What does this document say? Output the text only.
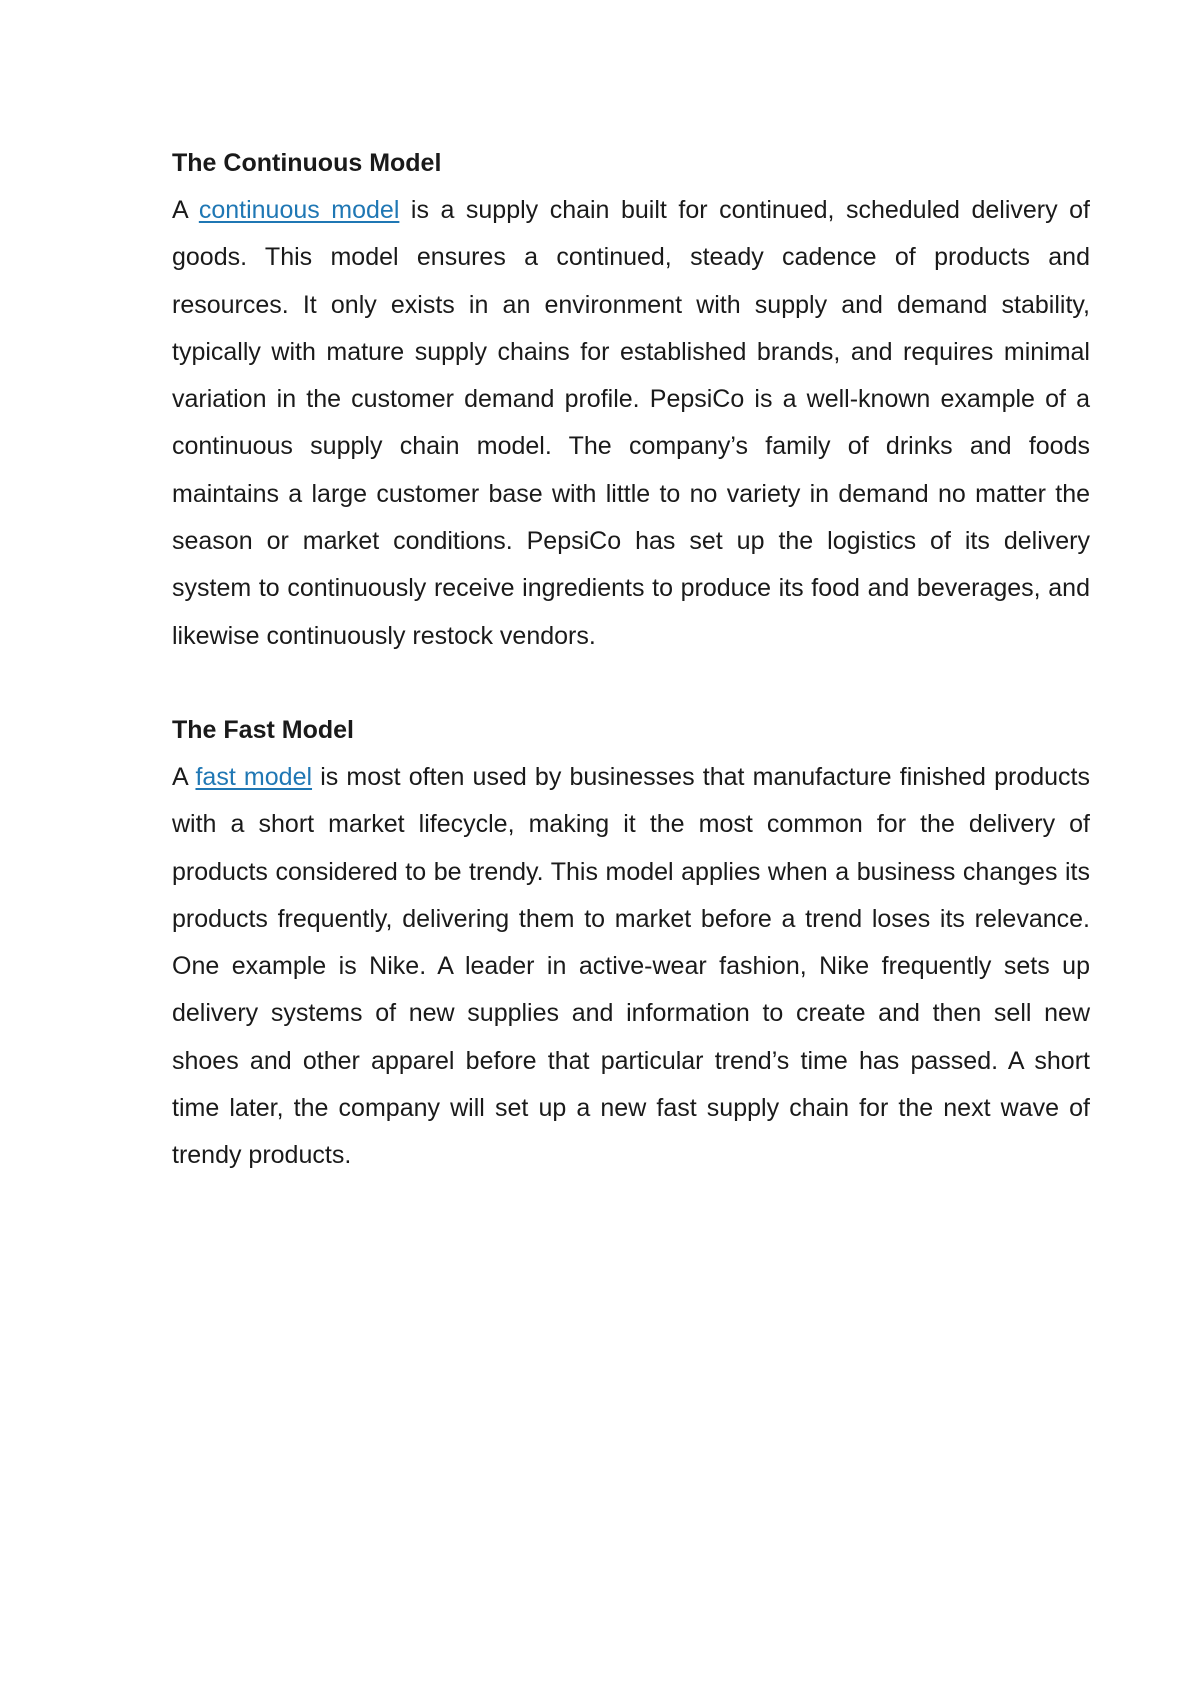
The Continuous Model

A continuous model is a supply chain built for continued, scheduled delivery of goods. This model ensures a continued, steady cadence of products and resources. It only exists in an environment with supply and demand stability, typically with mature supply chains for established brands, and requires minimal variation in the customer demand profile. PepsiCo is a well-known example of a continuous supply chain model. The company’s family of drinks and foods maintains a large customer base with little to no variety in demand no matter the season or market conditions. PepsiCo has set up the logistics of its delivery system to continuously receive ingredients to produce its food and beverages, and likewise continuously restock vendors.

The Fast Model

A fast model is most often used by businesses that manufacture finished products with a short market lifecycle, making it the most common for the delivery of products considered to be trendy. This model applies when a business changes its products frequently, delivering them to market before a trend loses its relevance. One example is Nike. A leader in active-wear fashion, Nike frequently sets up delivery systems of new supplies and information to create and then sell new shoes and other apparel before that particular trend’s time has passed. A short time later, the company will set up a new fast supply chain for the next wave of trendy products.
